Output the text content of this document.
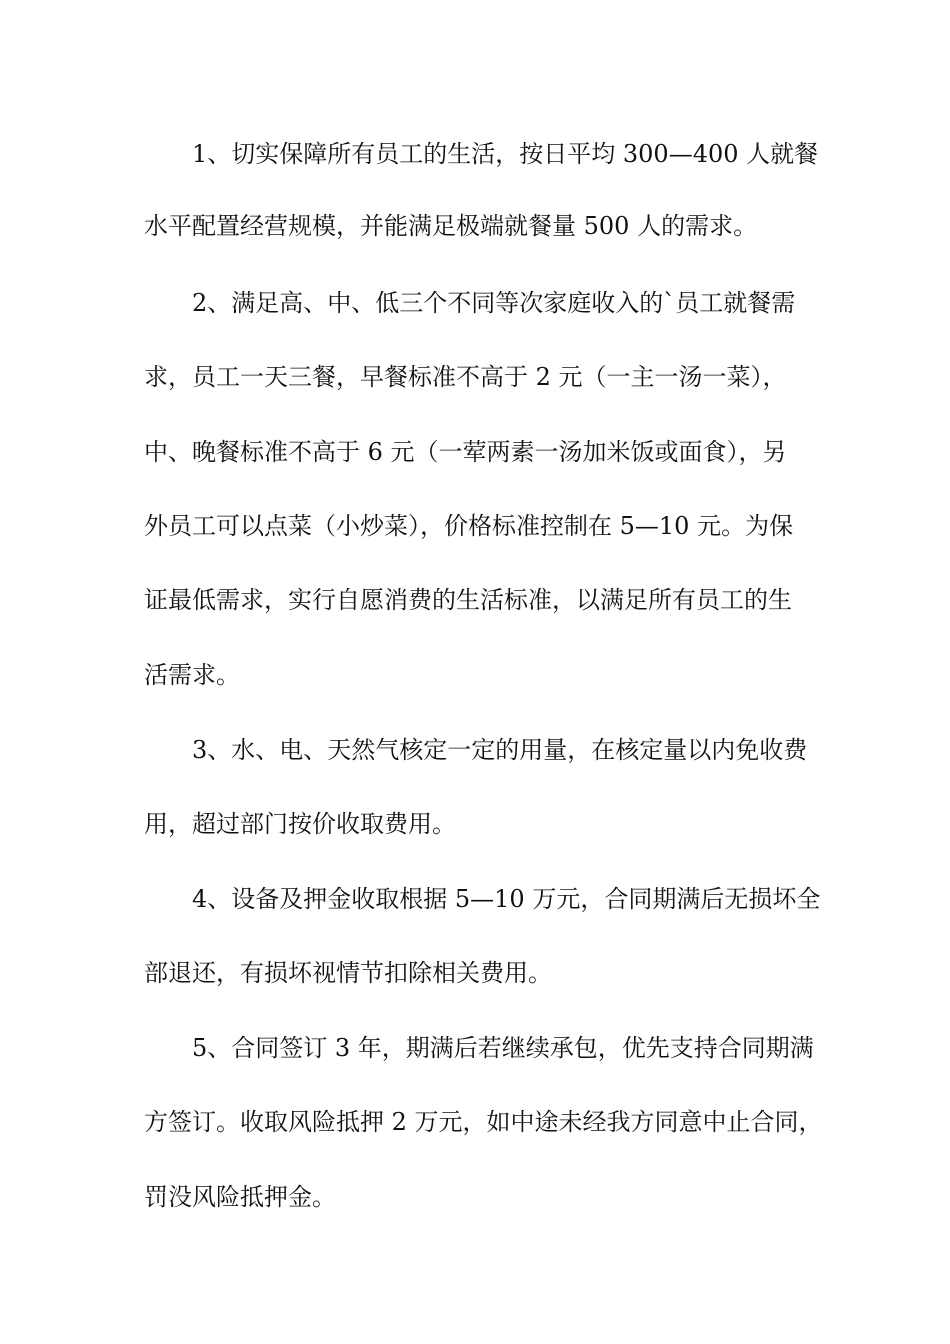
1、切实保障所有员工的生活，按日平均 300—400 人就餐
水平配置经营规模，并能满足极端就餐量 500 人的需求。
2、满足高、中、低三个不同等次家庭收入的`员工就餐需
求，员工一天三餐，早餐标准不高于 2 元（一主一汤一菜），
中、晚餐标准不高于 6 元（一荤两素一汤加米饭或面食），另
外员工可以点菜（小炒菜），价格标准控制在 5—10 元。为保
证最低需求，实行自愿消费的生活标准，以满足所有员工的生
活需求。
3、水、电、天然气核定一定的用量，在核定量以内免收费
用，超过部门按价收取费用。
4、设备及押金收取根据 5—10 万元，合同期满后无损坏全
部退还，有损坏视情节扣除相关费用。
5、合同签订 3 年，期满后若继续承包，优先支持合同期满
方签订。收取风险抵押 2 万元，如中途未经我方同意中止合同，
罚没风险抵押金。
